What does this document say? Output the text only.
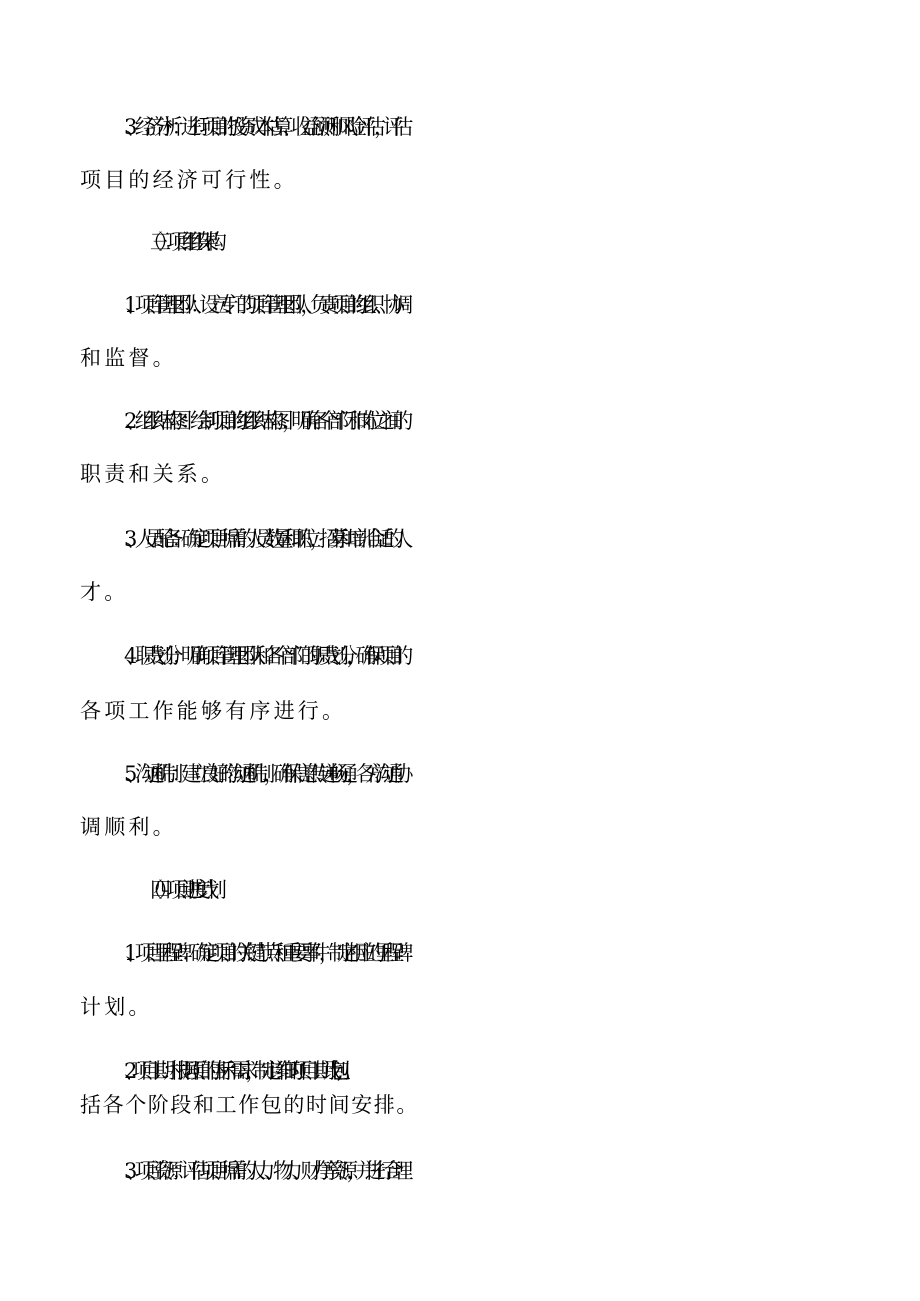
3、经济分析：进行项目的投资成本估算、收益预测和风险评估，评估
项目的经济可行性。
（三）项目组织架构
1、项目管理团队：设立专门的项目管理团队，负责项目的组织、协调
和监督。
2、组织结构图：绘制项目的组织结构图，明确各个部门和岗位之间的
职责和关系。
3、人员配备：确定项目所需的人员数量和职位，招募和培训合适的人
才。
4、职责划分：明确项目管理团队和各个部门的职责划分，确保项目的
各项工作能够有序进行。
5、沟通机制：建立良好的沟通机制，确保信息传递畅通，各方沟通协
调顺利。
（四）项目进度计划
1、项目里程碑：确定项目的关键节点和重要事件，制定相应的里程碑
计划。
2、项目工期：根据项目的目标和需求，制定详细的项目工期计划,包
括各个阶段和工作包的时间安排。
3、项目资源：评估项目所需的人力、物力、财力等资源，并进行合理
